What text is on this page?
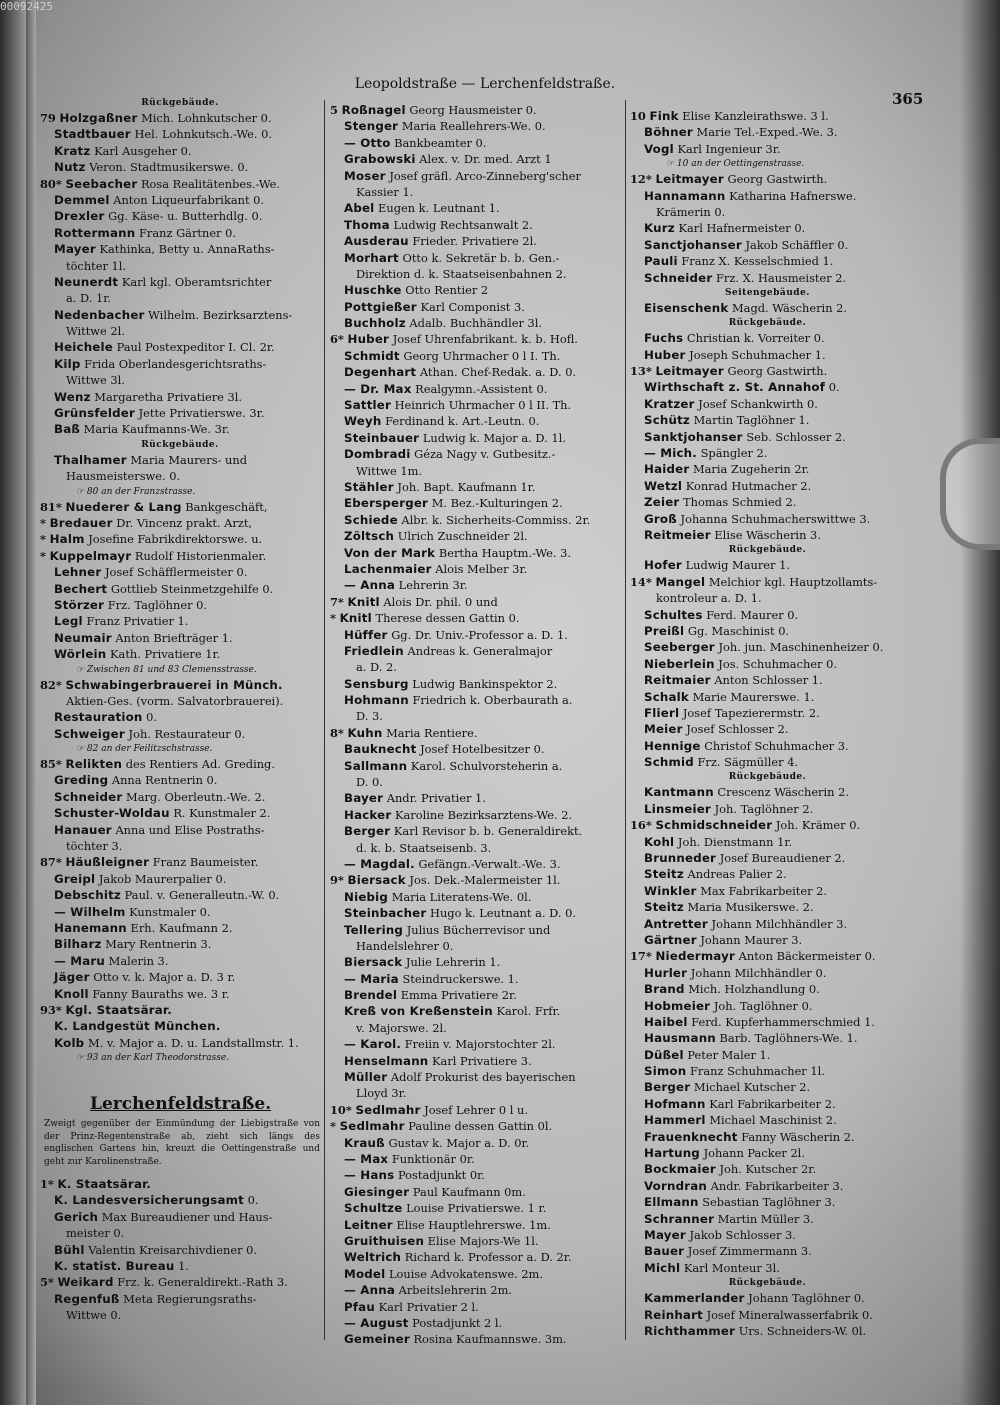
00092425
Leopoldstraße — Lerchenfeldstraße.
365
Rückgebäude.
79 Holzgaßner Mich. Lohnkutscher 0.
Stadtbauer Hel. Lohnkutsch.-We. 0.
Kratz Karl Ausgeher 0.
Nutz Veron. Stadtmusikerswe. 0.
80* Seebacher Rosa Realitätenbes.-We.
Demmel Anton Liqueurfabrikant 0.
Drexler Gg. Käse- u. Butterhdlg. 0.
Rottermann Franz Gärtner 0.
Mayer Kathinka, Betty u. AnnaRaths-
töchter 1l.
Neunerdt Karl kgl. Oberamtsrichter
a. D. 1r.
Nedenbacher Wilhelm. Bezirksarztens-
Wittwe 2l.
Heichele Paul Postexpeditor I. Cl. 2r.
Kilp Frida Oberlandesgerichtsraths-
Wittwe 3l.
Wenz Margaretha Privatiere 3l.
Grünsfelder Jette Privatierswe. 3r.
Baß Maria Kaufmanns-We. 3r.
Rückgebäude.
Thalhamer Maria Maurers- und
Hausmeisterswe. 0.
☞ 80 an der Franzstrasse.
81* Nuederer & Lang Bankgeschäft,
* Bredauer Dr. Vincenz prakt. Arzt,
* Halm Josefine Fabrikdirektorswe. u.
* Kuppelmayr Rudolf Historienmaler.
Lehner Josef Schäfflermeister 0.
Bechert Gottlieb Steinmetzgehilfe 0.
Störzer Frz. Taglöhner 0.
Legl Franz Privatier 1.
Neumair Anton Briefträger 1.
Wörlein Kath. Privatiere 1r.
☞ Zwischen 81 und 83 Clemensstrasse.
82* Schwabingerbrauerei in Münch.
Aktien-Ges. (vorm. Salvatorbrauerei).
Restauration 0.
Schweiger Joh. Restaurateur 0.
☞ 82 an der Feilitzschstrasse.
85* Relikten des Rentiers Ad. Greding.
Greding Anna Rentnerin 0.
Schneider Marg. Oberleutn.-We. 2.
Schuster-Woldau R. Kunstmaler 2.
Hanauer Anna und Elise Postraths-
töchter 3.
87* Häußleigner Franz Baumeister.
Greipl Jakob Maurerpalier 0.
Debschitz Paul. v. Generalleutn.-W. 0.
— Wilhelm Kunstmaler 0.
Hanemann Erh. Kaufmann 2.
Bilharz Mary Rentnerin 3.
— Maru Malerin 3.
Jäger Otto v. k. Major a. D. 3 r.
Knoll Fanny Bauraths we. 3 r.
93* Kgl. Staatsärar.
K. Landgestüt München.
Kolb M. v. Major a. D. u. Landstallmstr. 1.
☞ 93 an der Karl Theodorstrasse.
Lerchenfeldstraße.
Zweigt gegenüber der Einmündung der Liebigstraße von der Prinz-Regentenstraße ab, zieht sich längs des englischen Gartens hin, kreuzt die Oettingenstraße und geht zur Karolinenstraße.
1* K. Staatsärar.
K. Landesversicherungsamt 0.
Gerich Max Bureaudiener und Haus-
meister 0.
Bühl Valentin Kreisarchivdiener 0.
K. statist. Bureau 1.
5* Weikard Frz. k. Generaldirekt.-Rath 3.
Regenfuß Meta Regierungsraths-
Wittwe 0.
5 Roßnagel Georg Hausmeister 0.
Stenger Maria Reallehrers-We. 0.
— Otto Bankbeamter 0.
Grabowski Alex. v. Dr. med. Arzt 1
Moser Josef gräfl. Arco-Zinneberg'scher
Kassier 1.
Abel Eugen k. Leutnant 1.
Thoma Ludwig Rechtsanwalt 2.
Ausderau Frieder. Privatiere 2l.
Morhart Otto k. Sekretär b. b. Gen.-
Direktion d. k. Staatseisenbahnen 2.
Huschke Otto Rentier 2
Pottgießer Karl Componist 3.
Buchholz Adalb. Buchhändler 3l.
6* Huber Josef Uhrenfabrikant. k. b. Hofl.
Schmidt Georg Uhrmacher 0 l I. Th.
Degenhart Athan. Chef-Redak. a. D. 0.
— Dr. Max Realgymn.-Assistent 0.
Sattler Heinrich Uhrmacher 0 l II. Th.
Weyh Ferdinand k. Art.-Leutn. 0.
Steinbauer Ludwig k. Major a. D. 1l.
Dombradi Géza Nagy v. Gutbesitz.-
Wittwe 1m.
Stähler Joh. Bapt. Kaufmann 1r.
Ebersperger M. Bez.-Kulturingen 2.
Schiede Albr. k. Sicherheits-Commiss. 2r.
Zöltsch Ulrich Zuschneider 2l.
Von der Mark Bertha Hauptm.-We. 3.
Lachenmaier Alois Melber 3r.
— Anna Lehrerin 3r.
7* Knitl Alois Dr. phil. 0 und
* Knitl Therese dessen Gattin 0.
Hüffer Gg. Dr. Univ.-Professor a. D. 1.
Friedlein Andreas k. Generalmajor
a. D. 2.
Sensburg Ludwig Bankinspektor 2.
Hohmann Friedrich k. Oberbaurath a.
D. 3.
8* Kuhn Maria Rentiere.
Bauknecht Josef Hotelbesitzer 0.
Sallmann Karol. Schulvorsteherin a.
D. 0.
Bayer Andr. Privatier 1.
Hacker Karoline Bezirksarztens-We. 2.
Berger Karl Revisor b. b. Generaldirekt.
d. k. b. Staatseisenb. 3.
— Magdal. Gefängn.-Verwalt.-We. 3.
9* Biersack Jos. Dek.-Malermeister 1l.
Niebig Maria Literatens-We. 0l.
Steinbacher Hugo k. Leutnant a. D. 0.
Tellering Julius Bücherrevisor und
Handelslehrer 0.
Biersack Julie Lehrerin 1.
— Maria Steindruckerswe. 1.
Brendel Emma Privatiere 2r.
Kreß von Kreßenstein Karol. Frfr.
v. Majorswe. 2l.
— Karol. Freiin v. Majorstochter 2l.
Henselmann Karl Privatiere 3.
Müller Adolf Prokurist des bayerischen
Lloyd 3r.
10* Sedlmahr Josef Lehrer 0 l u.
* Sedlmahr Pauline dessen Gattin 0l.
Krauß Gustav k. Major a. D. 0r.
— Max Funktionär 0r.
— Hans Postadjunkt 0r.
Giesinger Paul Kaufmann 0m.
Schultze Louise Privatierswe. 1 r.
Leitner Elise Hauptlehrerswe. 1m.
Gruithuisen Elise Majors-We 1l.
Weltrich Richard k. Professor a. D. 2r.
Model Louise Advokatenswe. 2m.
— Anna Arbeitslehrerin 2m.
Pfau Karl Privatier 2 l.
— August Postadjunkt 2 l.
Gemeiner Rosina Kaufmannswe. 3m.
10 Fink Elise Kanzleirathswe. 3 l.
Böhner Marie Tel.-Exped.-We. 3.
Vogl Karl Ingenieur 3r.
☞ 10 an der Oettingenstrasse.
12* Leitmayer Georg Gastwirth.
Hannamann Katharina Hafnerswe.
Krämerin 0.
Kurz Karl Hafnermeister 0.
Sanctjohanser Jakob Schäffler 0.
Pauli Franz X. Kesselschmied 1.
Schneider Frz. X. Hausmeister 2.
Seitengebäude.
Eisenschenk Magd. Wäscherin 2.
Rückgebäude.
Fuchs Christian k. Vorreiter 0.
Huber Joseph Schuhmacher 1.
13* Leitmayer Georg Gastwirth.
Wirthschaft z. St. Annahof 0.
Kratzer Josef Schankwirth 0.
Schütz Martin Taglöhner 1.
Sanktjohanser Seb. Schlosser 2.
— Mich. Spängler 2.
Haider Maria Zugeherin 2r.
Wetzl Konrad Hutmacher 2.
Zeier Thomas Schmied 2.
Groß Johanna Schuhmacherswittwe 3.
Reitmeier Elise Wäscherin 3.
Rückgebäude.
Hofer Ludwig Maurer 1.
14* Mangel Melchior kgl. Hauptzollamts-
kontroleur a. D. 1.
Schultes Ferd. Maurer 0.
Preißl Gg. Maschinist 0.
Seeberger Joh. jun. Maschinenheizer 0.
Nieberlein Jos. Schuhmacher 0.
Reitmaier Anton Schlosser 1.
Schalk Marie Maurerswe. 1.
Flierl Josef Tapezierermstr. 2.
Meier Josef Schlosser 2.
Hennige Christof Schuhmacher 3.
Schmid Frz. Sägmüller 4.
Rückgebäude.
Kantmann Crescenz Wäscherin 2.
Linsmeier Joh. Taglöhner 2.
16* Schmidschneider Joh. Krämer 0.
Kohl Joh. Dienstmann 1r.
Brunneder Josef Bureaudiener 2.
Steitz Andreas Palier 2.
Winkler Max Fabrikarbeiter 2.
Steitz Maria Musikerswe. 2.
Antretter Johann Milchhändler 3.
Gärtner Johann Maurer 3.
17* Niedermayr Anton Bäckermeister 0.
Hurler Johann Milchhändler 0.
Brand Mich. Holzhandlung 0.
Hobmeier Joh. Taglöhner 0.
Haibel Ferd. Kupferhammerschmied 1.
Hausmann Barb. Taglöhners-We. 1.
Düßel Peter Maler 1.
Simon Franz Schuhmacher 1l.
Berger Michael Kutscher 2.
Hofmann Karl Fabrikarbeiter 2.
Hammerl Michael Maschinist 2.
Frauenknecht Fanny Wäscherin 2.
Hartung Johann Packer 2l.
Bockmaier Joh. Kutscher 2r.
Vorndran Andr. Fabrikarbeiter 3.
Ellmann Sebastian Taglöhner 3.
Schranner Martin Müller 3.
Mayer Jakob Schlosser 3.
Bauer Josef Zimmermann 3.
Michl Karl Monteur 3l.
Rückgebäude.
Kammerlander Johann Taglöhner 0.
Reinhart Josef Mineralwasserfabrik 0.
Richthammer Urs. Schneiders-W. 0l.
